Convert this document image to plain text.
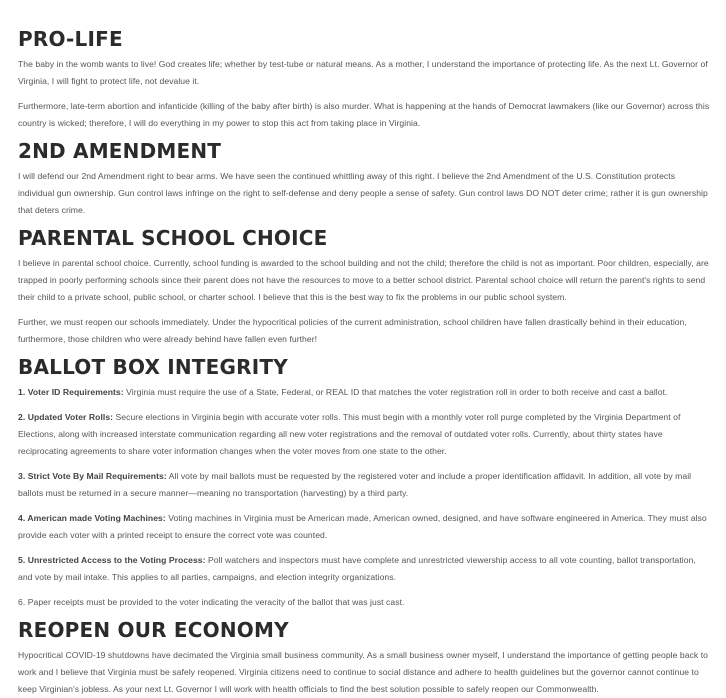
PRO-LIFE

The baby in the womb wants to live! God creates life; whether by test-tube or natural means. As a mother, I understand the importance of protecting life. As the next Lt. Governor of Virginia, I will fight to protect life, not devalue it.

Furthermore, late-term abortion and infanticide (killing of the baby after birth) is also murder. What is happening at the hands of Democrat lawmakers (like our Governor) across this country is wicked; therefore, I will do everything in my power to stop this act from taking place in Virginia.

2ND AMENDMENT

I will defend our 2nd Amendment right to bear arms. We have seen the continued whittling away of this right. I believe the 2nd Amendment of the U.S. Constitution protects individual gun ownership. Gun control laws infringe on the right to self-defense and deny people a sense of safety. Gun control laws DO NOT deter crime; rather it is gun ownership that deters crime.

PARENTAL SCHOOL CHOICE

I believe in parental school choice. Currently, school funding is awarded to the school building and not the child; therefore the child is not as important. Poor children, especially, are trapped in poorly performing schools since their parent does not have the resources to move to a better school district. Parental school choice will return the parent's rights to send their child to a private school, public school, or charter school. I believe that this is the best way to fix the problems in our public school system.

Further, we must reopen our schools immediately. Under the hypocritical policies of the current administration, school children have fallen drastically behind in their education, furthermore, those children who were already behind have fallen even further!

BALLOT BOX INTEGRITY

1. Voter ID Requirements: Virginia must require the use of a State, Federal, or REAL ID that matches the voter registration roll in order to both receive and cast a ballot.

2. Updated Voter Rolls: Secure elections in Virginia begin with accurate voter rolls. This must begin with a monthly voter roll purge completed by the Virginia Department of Elections, along with increased interstate communication regarding all new voter registrations and the removal of outdated voter rolls. Currently, about thirty states have reciprocating agreements to share voter information changes when the voter moves from one state to the other.

3. Strict Vote By Mail Requirements: All vote by mail ballots must be requested by the registered voter and include a proper identification affidavit. In addition, all vote by mail ballots must be returned in a secure manner—meaning no transportation (harvesting) by a third party.

4. American made Voting Machines: Voting machines in Virginia must be American made, American owned, designed, and have software engineered in America. They must also provide each voter with a printed receipt to ensure the correct vote was counted.

5. Unrestricted Access to the Voting Process: Poll watchers and inspectors must have complete and unrestricted viewership access to all vote counting, ballot transportation, and vote by mail intake. This applies to all parties, campaigns, and election integrity organizations.

6. Paper receipts must be provided to the voter indicating the veracity of the ballot that was just cast.

REOPEN OUR ECONOMY

Hypocritical COVID-19 shutdowns have decimated the Virginia small business community. As a small business owner myself, I understand the importance of getting people back to work and I believe that Virginia must be safely reopened. Virginia citizens need to continue to social distance and adhere to health guidelines but the governor cannot continue to keep Virginian's jobless. As your next Lt. Governor I will work with health officials to find the best solution possible to safely reopen our Commonwealth.
